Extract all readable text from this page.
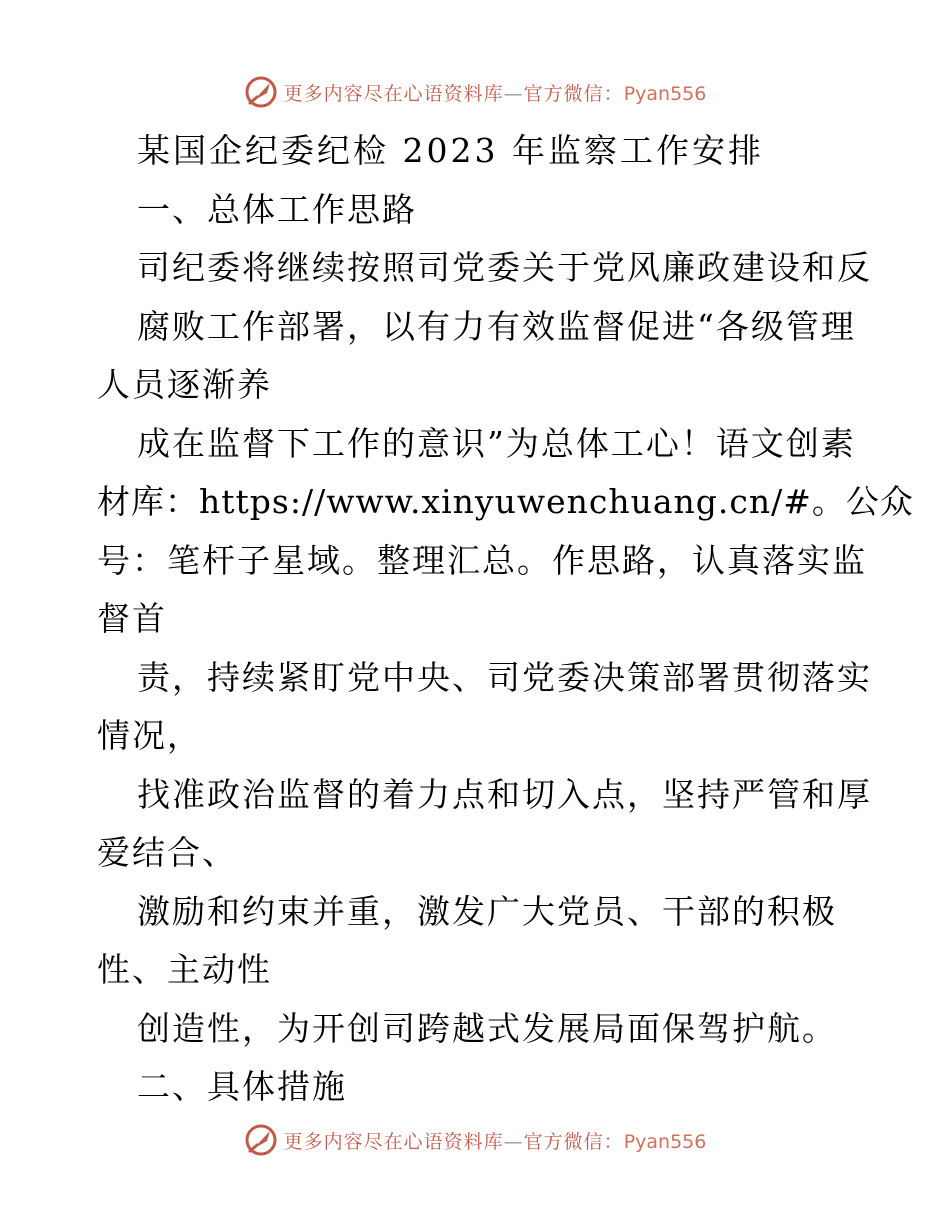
更多内容尽在心语资料库—官方微信：Pyan556
某国企纪委纪检 2023 年监察工作安排
一、总体工作思路
司纪委将继续按照司党委关于党风廉政建设和反
腐败工作部署，以有力有效监督促进“各级管理
人员逐渐养
成在监督下工作的意识”为总体工心！语文创素
材库：https://www.xinyuwenchuang.cn/#。公众
号：笔杆子星域。整理汇总。作思路，认真落实监
督首
责，持续紧盯党中央、司党委决策部署贯彻落实
情况，
找准政治监督的着力点和切入点，坚持严管和厚
爱结合、
激励和约束并重，激发广大党员、干部的积极
性、主动性
创造性，为开创司跨越式发展局面保驾护航。
二、具体措施
更多内容尽在心语资料库—官方微信：Pyan556
